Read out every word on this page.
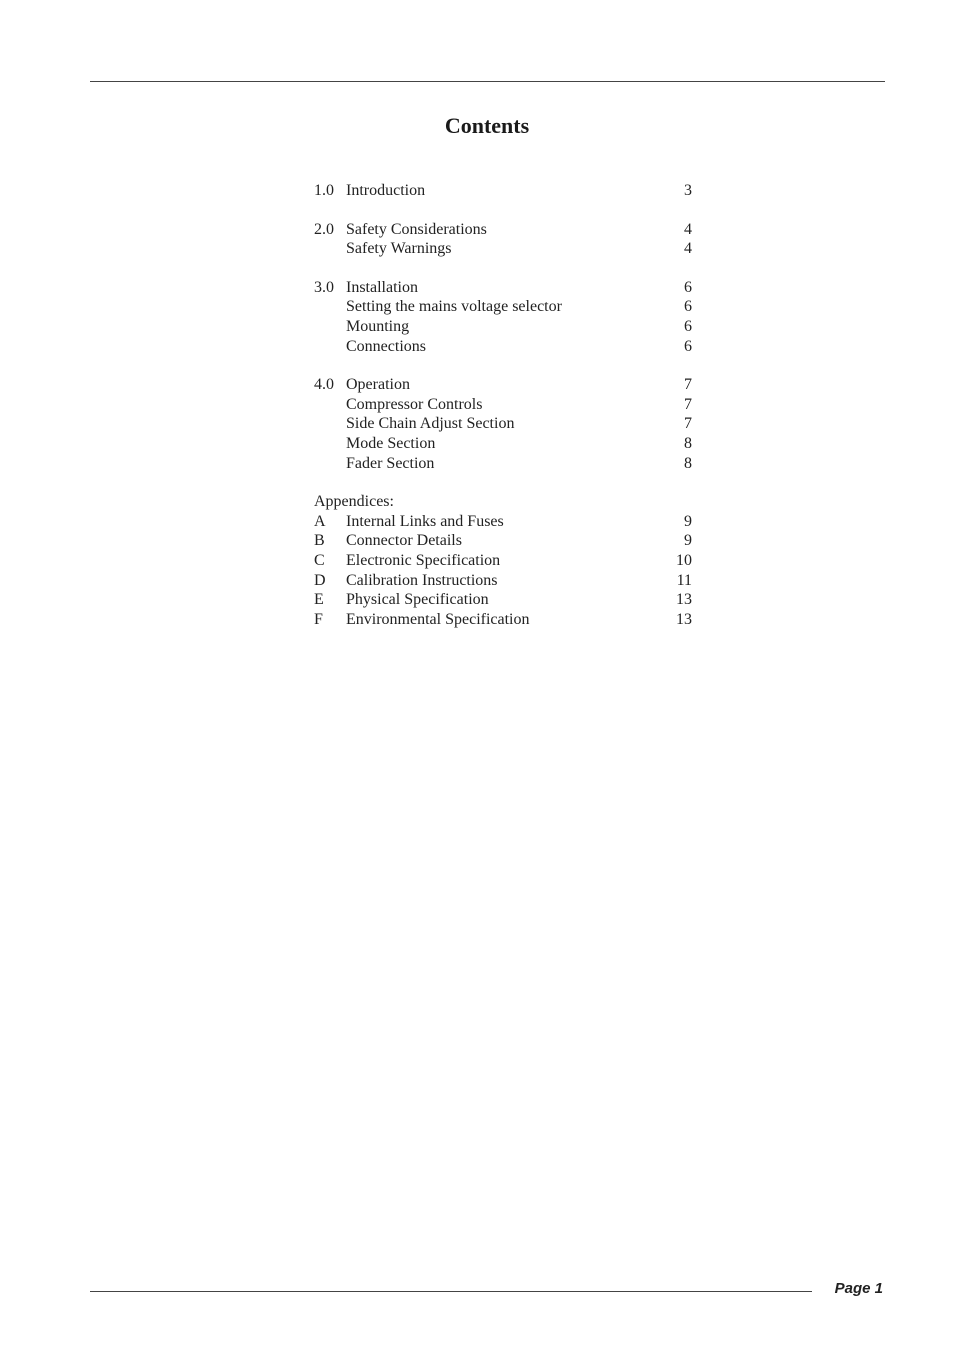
Contents
1.0 Introduction	3
2.0 Safety Considerations	4
Safety Warnings	4
3.0 Installation	6
Setting the mains voltage selector	6
Mounting	6
Connections	6
4.0 Operation	7
Compressor Controls	7
Side Chain Adjust Section	7
Mode Section	8
Fader Section	8
Appendices:
A	Internal Links and Fuses	9
B	Connector Details	9
C	Electronic Specification	10
D	Calibration Instructions	11
E	Physical Specification	13
F	Environmental Specification	13
Page 1
